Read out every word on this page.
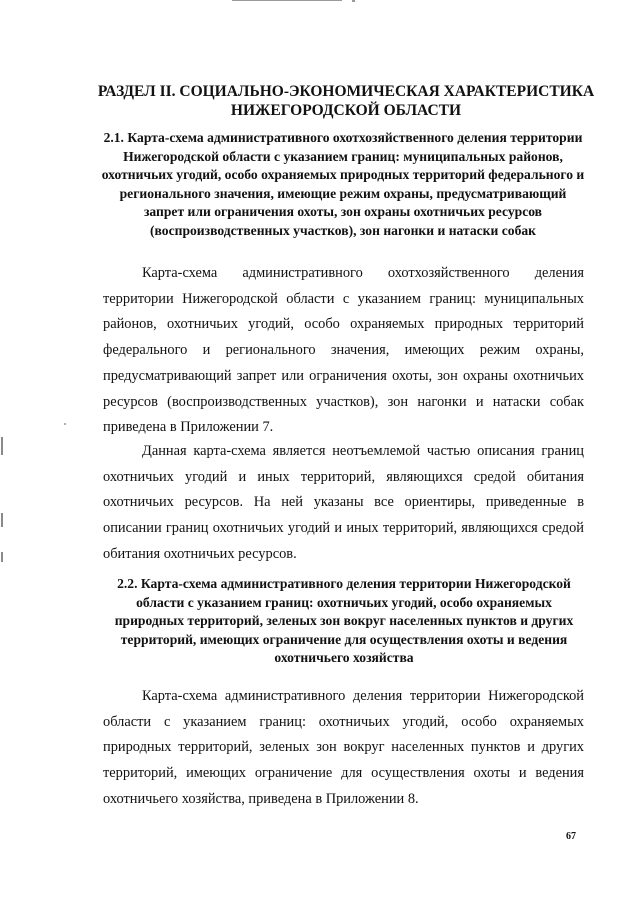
РАЗДЕЛ II. СОЦИАЛЬНО-ЭКОНОМИЧЕСКАЯ ХАРАКТЕРИСТИКА НИЖЕГОРОДСКОЙ ОБЛАСТИ
2.1. Карта-схема административного охотхозяйственного деления территории Нижегородской области с указанием границ: муниципальных районов, охотничьих угодий, особо охраняемых природных территорий федерального и регионального значения, имеющие режим охраны, предусматривающий запрет или ограничения охоты, зон охраны охотничьих ресурсов (воспроизводственных участков), зон нагонки и натаски собак

Карта-схема административного охотхозяйственного деления территории Нижегородской области с указанием границ: муниципальных районов, охотничьих угодий, особо охраняемых природных территорий федерального и регионального значения, имеющих режим охраны, предусматривающий запрет или ограничения охоты, зон охраны охотничьих ресурсов (воспроизводственных участков), зон нагонки и натаски собак приведена в Приложении 7.

Данная карта-схема является неотъемлемой частью описания границ охотничьих угодий и иных территорий, являющихся средой обитания охотничьих ресурсов. На ней указаны все ориентиры, приведенные в описании границ охотничьих угодий и иных территорий, являющихся средой обитания охотничьих ресурсов.

2.2. Карта-схема административного деления территории Нижегородской области с указанием границ: охотничьих угодий, особо охраняемых природных территорий, зеленых зон вокруг населенных пунктов и других территорий, имеющих ограничение для осуществления охоты и ведения охотничьего хозяйства

Карта-схема административного деления территории Нижегородской области с указанием границ: охотничьих угодий, особо охраняемых природных территорий, зеленых зон вокруг населенных пунктов и других территорий, имеющих ограничение для осуществления охоты и ведения охотничьего хозяйства, приведена в Приложении 8.

67
